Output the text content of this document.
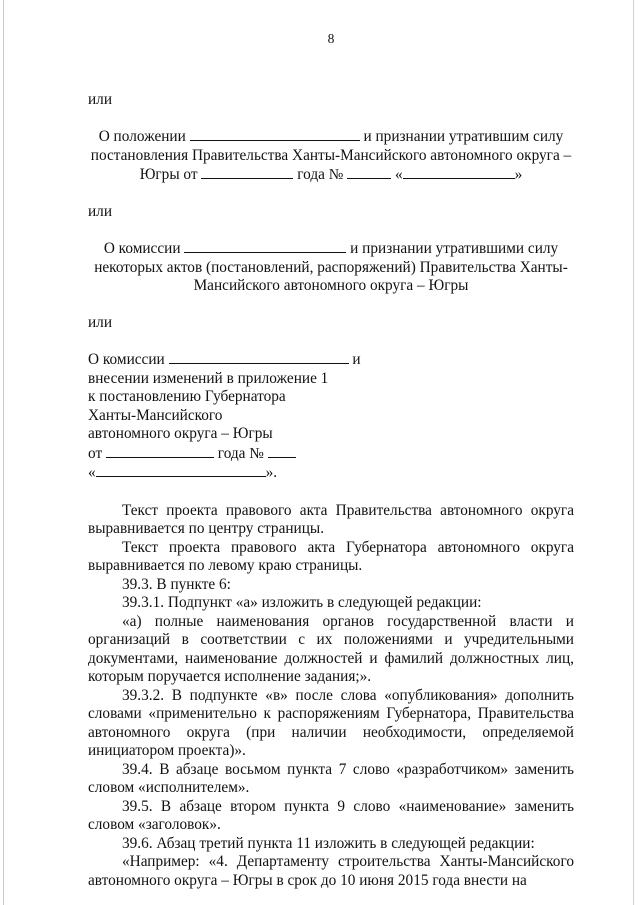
8
или
О положении	и признании утратившим силу
постановления Правительства Ханты-Мансийского автономного округа –
Югры от	года №	«	»
или
О комиссии	и признании утратившими силу
некоторых актов (постановлений, распоряжений) Правительства Ханты-
Мансийского автономного округа – Югры
или
О комиссии	и
внесении изменений в приложение 1
к постановлению Губернатора
Ханты-Мансийского
автономного округа – Югры
от	года №
«	».

Текст проекта правового акта Правительства автономного округа выравнивается по центру страницы.

Текст проекта правового акта Губернатора автономного округа выравнивается по левому краю страницы.

39.3. В пункте 6:

39.3.1. Подпункт «а» изложить в следующей редакции:

«а) полные наименования органов государственной власти и организаций в соответствии с их положениями и учредительными документами, наименование должностей и фамилий должностных лиц, которым поручается исполнение задания;».

39.3.2. В подпункте «в» после слова «опубликования» дополнить словами «применительно к распоряжениям Губернатора, Правительства автономного округа (при наличии необходимости, определяемой инициатором проекта)».

39.4. В абзаце восьмом пункта 7 слово «разработчиком» заменить словом «исполнителем».

39.5. В абзаце втором пункта 9 слово «наименование» заменить словом «заголовок».

39.6. Абзац третий пункта 11 изложить в следующей редакции:

«Например: «4. Департаменту строительства Ханты-Мансийского автономного округа – Югры в срок до 10 июня 2015 года внести на
